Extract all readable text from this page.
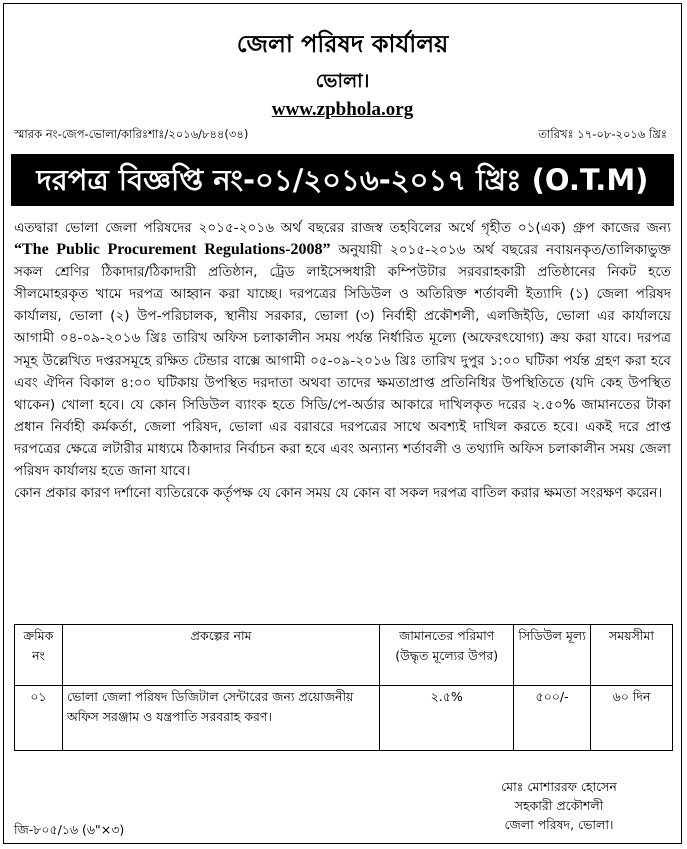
জেলা পরিষদ কার্যালয়
ভোলা।
www.zpbhola.org
স্মারক নং-জেপ-ভোলা/কারিঃশাঃ/২০১৬/৮৪৪(৩৪)	তারিখঃ ১৭-০৮-২০১৬ খ্রিঃ
দরপত্র বিজ্ঞপ্তি নং-০১/২০১৬-২০১৭ খ্রিঃ (O.T.M)

এতদ্বারা ভোলা জেলা পরিষদের ২০১৫-২০১৬ অর্থ বছরের রাজস্ব তহবিলের অর্থে গৃহীত ০১(এক) গ্রুপ কাজের জন্য “The Public Procurement Regulations-2008” অনুযায়ী ২০১৫-২০১৬ অর্থ বছরের নবায়নকৃত/তালিকাভুক্ত সকল শ্রেণির ঠিকাদার/ঠিকাদারী প্রতিষ্ঠান, ট্রেড লাইসেন্সধারী কম্পিউটার সরবরাহকারী প্রতিষ্ঠানের নিকট হতে সীলমোহরকৃত খামে দরপত্র আহ্বান করা যাচ্ছে। দরপত্রের সিডিউল ও অতিরিক্ত শর্তাবলী ইত্যাদি (১) জেলা পরিষদ কার্যালয়, ভোলা (২) উপ-পরিচালক, স্থানীয় সরকার, ভোলা (৩) নির্বাহী প্রকৌশলী, এলজিইডি, ভোলা এর কার্যালয়ে আগামী ০৪-০৯-২০১৬ খ্রিঃ তারিখ অফিস চলাকালীন সময় পর্যন্ত নির্ধারিত মূল্যে (অফেরৎযোগ্য) ক্রয় করা যাবে। দরপত্র সমূহ উল্লেখিত দপ্তরসমূহে রক্ষিত টেন্ডার বাক্সে আগামী ০৫-০৯-২০১৬ খ্রিঃ তারিখ দুপুর ১:০০ ঘটিকা পর্যন্ত গ্রহণ করা হবে এবং ঐদিন বিকাল ৪:০০ ঘটিকায় উপস্থিত দরদাতা অথবা তাদের ক্ষমতাপ্রাপ্ত প্রতিনিধির উপস্থিতিতে (যদি কেহ উপস্থিত থাকেন) খোলা হবে। যে কোন সিডিউল ব্যাংক হতে সিডি/পে-অর্ডার আকারে দাখিলকৃত দরের ২.৫০% জামানতের টাকা প্রধান নির্বাহী কর্মকর্তা, জেলা পরিষদ, ভোলা এর বরাবরে দরপত্রের সাথে অবশ্যই দাখিল করতে হবে। একই দরে প্রাপ্ত দরপত্রের ক্ষেত্রে লটারীর মাধ্যমে ঠিকাদার নির্বাচন করা হবে এবং অন্যান্য শর্তাবলী ও তথ্যাদি অফিস চলাকালীন সময় জেলা পরিষদ কার্যালয় হতে জানা যাবে।
কোন প্রকার কারণ দর্শানো ব্যতিরেকে কর্তৃপক্ষ যে কোন সময় যে কোন বা সকল দরপত্র বাতিল করার ক্ষমতা সংরক্ষণ করেন।

ক্রমিক নং	প্রকল্পের নাম	জামানতের পরিমাণ (উদ্ধৃত মূল্যের উপর)	সিডিউল মূল্য	সময়সীমা
০১	ভোলা জেলা পরিষদ ডিজিটাল সেন্টারের জন্য প্রয়োজনীয় অফিস সরঞ্জাম ও যন্ত্রপাতি সরবরাহ করণ।	২.৫%	৫০০/-	৬০ দিন
মোঃ মোশাররফ হোসেন
সহকারী প্রকৌশলী
জেলা পরিষদ, ভোলা।
জি-৮০৫/১৬ (৬"×৩)
